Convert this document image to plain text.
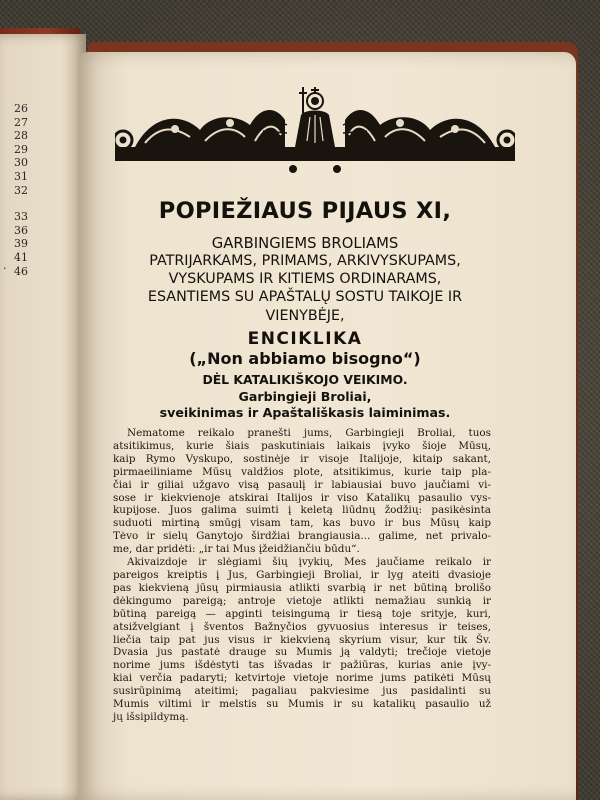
26
27
28
29
30
31
32
33
36
39
41
46
.
POPIEŽIAUS PIJAUS XI,
GARBINGIEMS BROLIAMS
PATRIJARKAMS, PRIMAMS, ARKIVYSKUPAMS,
VYSKUPAMS IR KITIEMS ORDINARAMS,
ESANTIEMS SU APAŠTALŲ SOSTU TAIKOJE IR
VIENYBĖJE,
ENCIKLIKA
(„Non abbiamo bisogno“)
DĖL KATALIKIŠKOJO VEIKIMO.
Garbingieji Broliai,
sveikinimas ir Apaštališkasis laiminimas.
Nematome reikalo pranešti jums, Garbingieji Broliai, tuos
atsitikimus, kurie šiais paskutiniais laikais įvyko šioje Mūsų,
kaip Rymo Vyskupo, sostinėje ir visoje Italijoje, kitaip sakant,
pirmaeiliniame Mūsų valdžios plote, atsitikimus, kurie taip pla-
čiai ir giliai užgavo visą pasaulį ir labiausiai buvo jaučiami vi-
sose ir kiekvienoje atskirai Italijos ir viso Katalikų pasaulio vys-
kupijose. Juos galima suimti į keletą liūdnų žodžių: pasikėsinta
suduoti mirtiną smūgį visam tam, kas buvo ir bus Mūsų kaip
Tėvo ir sielų Ganytojo širdžiai brangiausia... galime, net privalo-
me, dar pridėti: „ir tai Mus įžeidžiančiu būdu“.
Akivaizdoje ir slėgiami šių įvykių, Mes jaučiame reikalo ir
pareigos kreiptis į Jus, Garbingieji Broliai, ir lyg ateiti dvasioje
pas kiekvieną jūsų pirmiausia atlikti svarbią ir net būtiną brolišo
dėkingumo pareigą; antroje vietoje atlikti nemažiau sunkią ir
būtiną pareigą — apginti teisingumą ir tiesą toje srityje, kuri,
atsižvelgiant į šventos Bažnyčios gyvuosius interesus ir teises,
liečia taip pat jus visus ir kiekvieną skyrium visur, kur tik Šv.
Dvasia jus pastatė drauge su Mumis ją valdyti; trečioje vietoje
norime jums išdėstyti tas išvadas ir pažiūras, kurias anie įvy-
kiai verčia padaryti; ketvirtoje vietoje norime jums patikėti Mūsų
susirūpinimą ateitimi; pagaliau pakviesime jus pasidalinti su
Mumis viltimi ir melstis su Mumis ir su katalikų pasaulio už
jų išsipildymą.
